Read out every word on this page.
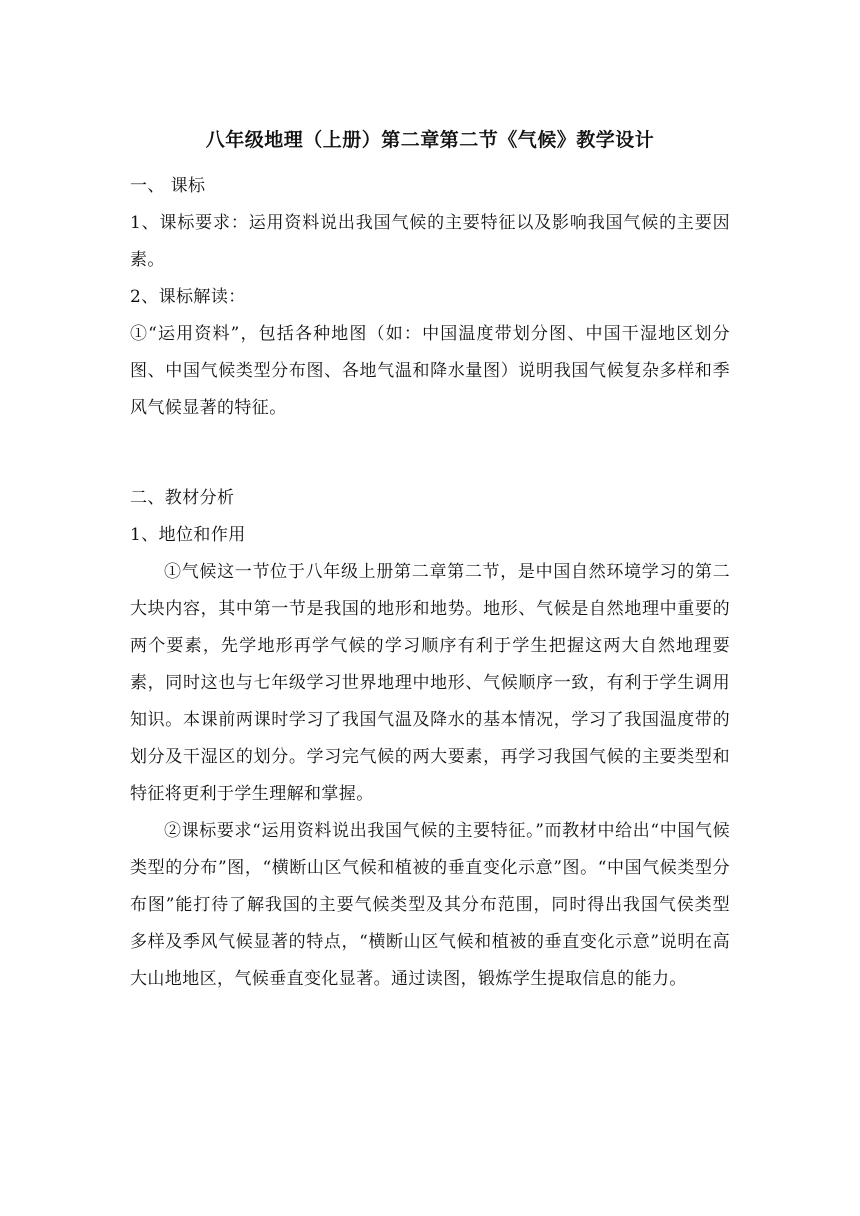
八年级地理（上册）第二章第二节《气候》教学设计

一、 课标

1、课标要求：运用资料说出我国气候的主要特征以及影响我国气候的主要因素。

2、课标解读：

①“运用资料”，包括各种地图（如：中国温度带划分图、中国干湿地区划分图、中国气候类型分布图、各地气温和降水量图）说明我国气候复杂多样和季风气候显著的特征。

二、教材分析

1、地位和作用

①气候这一节位于八年级上册第二章第二节，是中国自然环境学习的第二大块内容，其中第一节是我国的地形和地势。地形、气候是自然地理中重要的两个要素，先学地形再学气候的学习顺序有利于学生把握这两大自然地理要素，同时这也与七年级学习世界地理中地形、气候顺序一致，有利于学生调用知识。本课前两课时学习了我国气温及降水的基本情况，学习了我国温度带的划分及干湿区的划分。学习完气候的两大要素，再学习我国气候的主要类型和特征将更利于学生理解和掌握。

②课标要求“运用资料说出我国气候的主要特征。”而教材中给出“中国气候类型的分布”图，“横断山区气候和植被的垂直变化示意”图。“中国气候类型分布图”能打待了解我国的主要气候类型及其分布范围，同时得出我国气侯类型多样及季风气候显著的特点，“横断山区气候和植被的垂直变化示意”说明在高大山地地区，气候垂直变化显著。通过读图，锻炼学生提取信息的能力。
